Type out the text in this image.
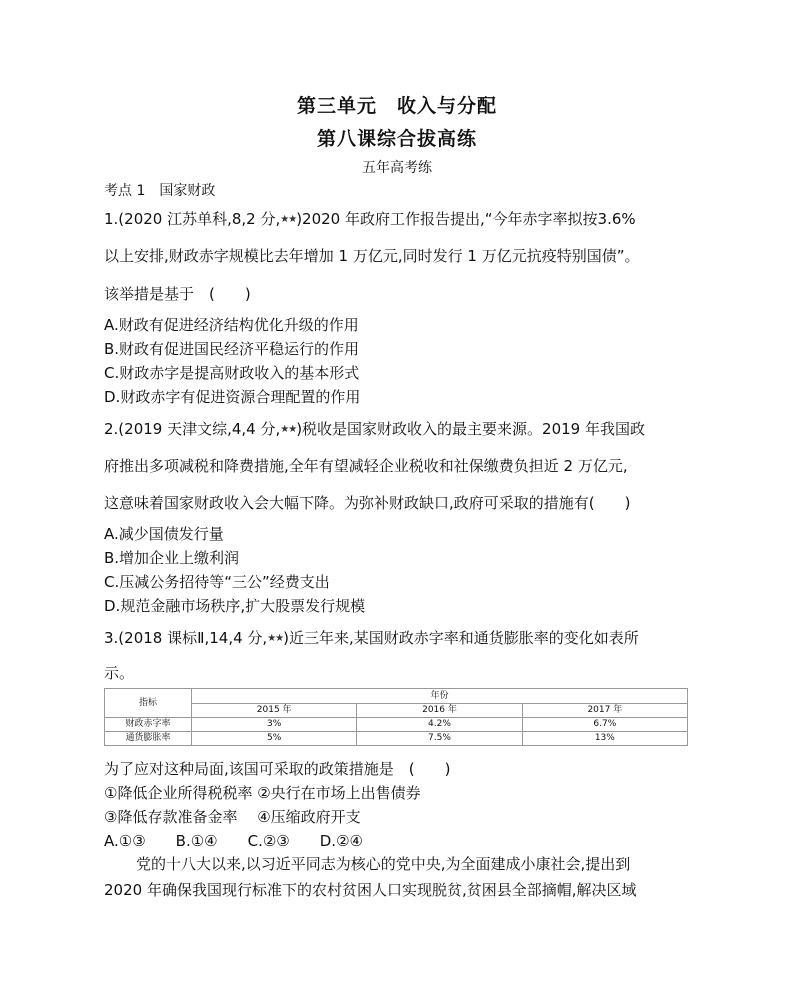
第三单元　收入与分配
第八课综合拔高练
五年高考练
考点 1　国家财政
1.(2020 江苏单科,8,2 分,★★)2020 年政府工作报告提出,“今年赤字率拟按3.6%
以上安排,财政赤字规模比去年增加 1 万亿元,同时发行 1 万亿元抗疫特别国债”。
该举措是基于　(　　)
A.财政有促进经济结构优化升级的作用
B.财政有促进国民经济平稳运行的作用
C.财政赤字是提高财政收入的基本形式
D.财政赤字有促进资源合理配置的作用
2.(2019 天津文综,4,4 分,★★)税收是国家财政收入的最主要来源。2019 年我国政
府推出多项减税和降费措施,全年有望减轻企业税收和社保缴费负担近 2 万亿元,
这意味着国家财政收入会大幅下降。为弥补财政缺口,政府可采取的措施有(　　)
A.减少国债发行量
B.增加企业上缴利润
C.压减公务招待等“三公”经费支出
D.规范金融市场秩序,扩大股票发行规模
3.(2018 课标Ⅱ,14,4 分,★★)近三年来,某国财政赤字率和通货膨胀率的变化如表所
示。
指标	年份		
	2015 年	2016 年	2017 年
财政赤字率	3%	4.2%	6.7%
通货膨胀率	5%	7.5%	13%
为了应对这种局面,该国可采取的政策措施是　(　　)
①降低企业所得税税率 ②央行在市场上出售债券
③降低存款准备金率　 ④压缩政府开支
A.①③　　B.①④　　C.②③　　D.②④
党的十八大以来,以习近平同志为核心的党中央,为全面建成小康社会,提出到
2020 年确保我国现行标准下的农村贫困人口实现脱贫,贫困县全部摘帽,解决区域
